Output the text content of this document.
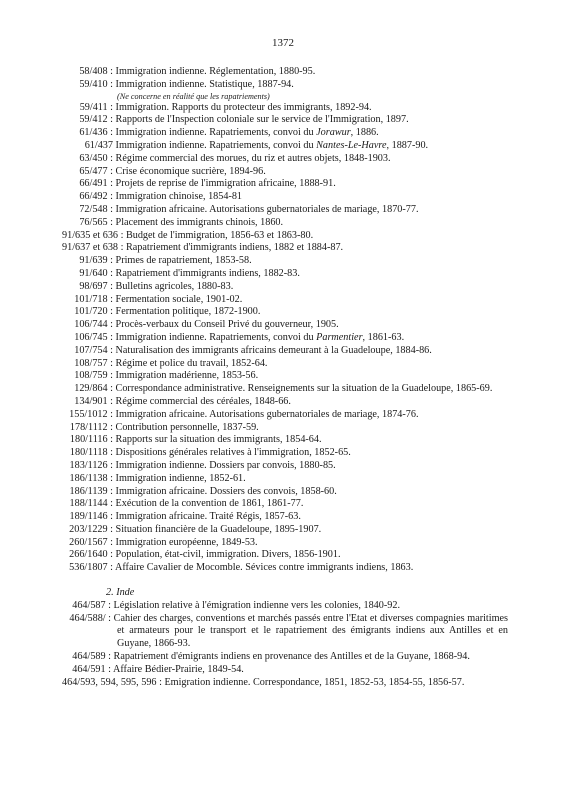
1372
58/408 : Immigration indienne. Réglementation, 1880-95.
59/410 : Immigration indienne. Statistique, 1887-94.
(Ne concerne en réalité que les rapatriements)
59/411 : Immigration. Rapports du protecteur des immigrants, 1892-94.
59/412 : Rapports de l'Inspection coloniale sur le service de l'Immigration, 1897.
61/436 : Immigration indienne. Rapatriements, convoi du Jorawur, 1886.
61/437 Immigration indienne. Rapatriements, convoi du Nantes-Le-Havre, 1887-90.
63/450 : Régime commercial des morues, du riz et autres objets, 1848-1903.
65/477 : Crise économique sucrière, 1894-96.
66/491 : Projets de reprise de l'immigration africaine, 1888-91.
66/492 : Immigration chinoise, 1854-81
72/548 : Immigration africaine. Autorisations gubernatoriales de mariage, 1870-77.
76/565 : Placement des immigrants chinois, 1860.
91/635 et 636 : Budget de l'immigration, 1856-63 et 1863-80.
91/637 et 638 : Rapatriement d'immigrants indiens, 1882 et 1884-87.
91/639 : Primes de rapatriement, 1853-58.
91/640 : Rapatriement d'immigrants indiens, 1882-83.
98/697 : Bulletins agricoles, 1880-83.
101/718 : Fermentation sociale, 1901-02.
101/720 : Fermentation politique, 1872-1900.
106/744 : Procès-verbaux du Conseil Privé du gouverneur, 1905.
106/745 : Immigration indienne. Rapatriements, convoi du Parmentier, 1861-63.
107/754 : Naturalisation des immigrants africains demeurant à la Guadeloupe, 1884-86.
108/757 : Régime et police du travail, 1852-64.
108/759 : Immigration madérienne, 1853-56.
129/864 : Correspondance administrative. Renseignements sur la situation de la Guadeloupe, 1865-69.
134/901 : Régime commercial des céréales, 1848-66.
155/1012 : Immigration africaine. Autorisations gubernatoriales de mariage, 1874-76.
178/1112 : Contribution personnelle, 1837-59.
180/1116 : Rapports sur la situation des immigrants, 1854-64.
180/1118 : Dispositions générales relatives à l'immigration, 1852-65.
183/1126 : Immigration indienne. Dossiers par convois, 1880-85.
186/1138 : Immigration indienne, 1852-61.
186/1139 : Immigration africaine. Dossiers des convois, 1858-60.
188/1144 : Exécution de la convention de 1861, 1861-77.
189/1146 : Immigration africaine. Traité Régis, 1857-63.
203/1229 : Situation financière de la Guadeloupe, 1895-1907.
260/1567 : Immigration européenne, 1849-53.
266/1640 : Population, état-civil, immigration. Divers, 1856-1901.
536/1807 : Affaire Cavalier de Mocomble. Sévices contre immigrants indiens, 1863.
2. Inde
464/587 : Législation relative à l'émigration indienne vers les colonies, 1840-92.
464/588/ : Cahier des charges, conventions et marchés passés entre l'Etat et diverses compagnies maritimes et armateurs pour le transport et le rapatriement des émigrants indiens aux Antilles et en Guyane, 1866-93.
464/589 : Rapatriement d'émigrants indiens en provenance des Antilles et de la Guyane, 1868-94.
464/591 : Affaire Bédier-Prairie, 1849-54.
464/593, 594, 595, 596 : Emigration indienne. Correspondance, 1851, 1852-53, 1854-55, 1856-57.
